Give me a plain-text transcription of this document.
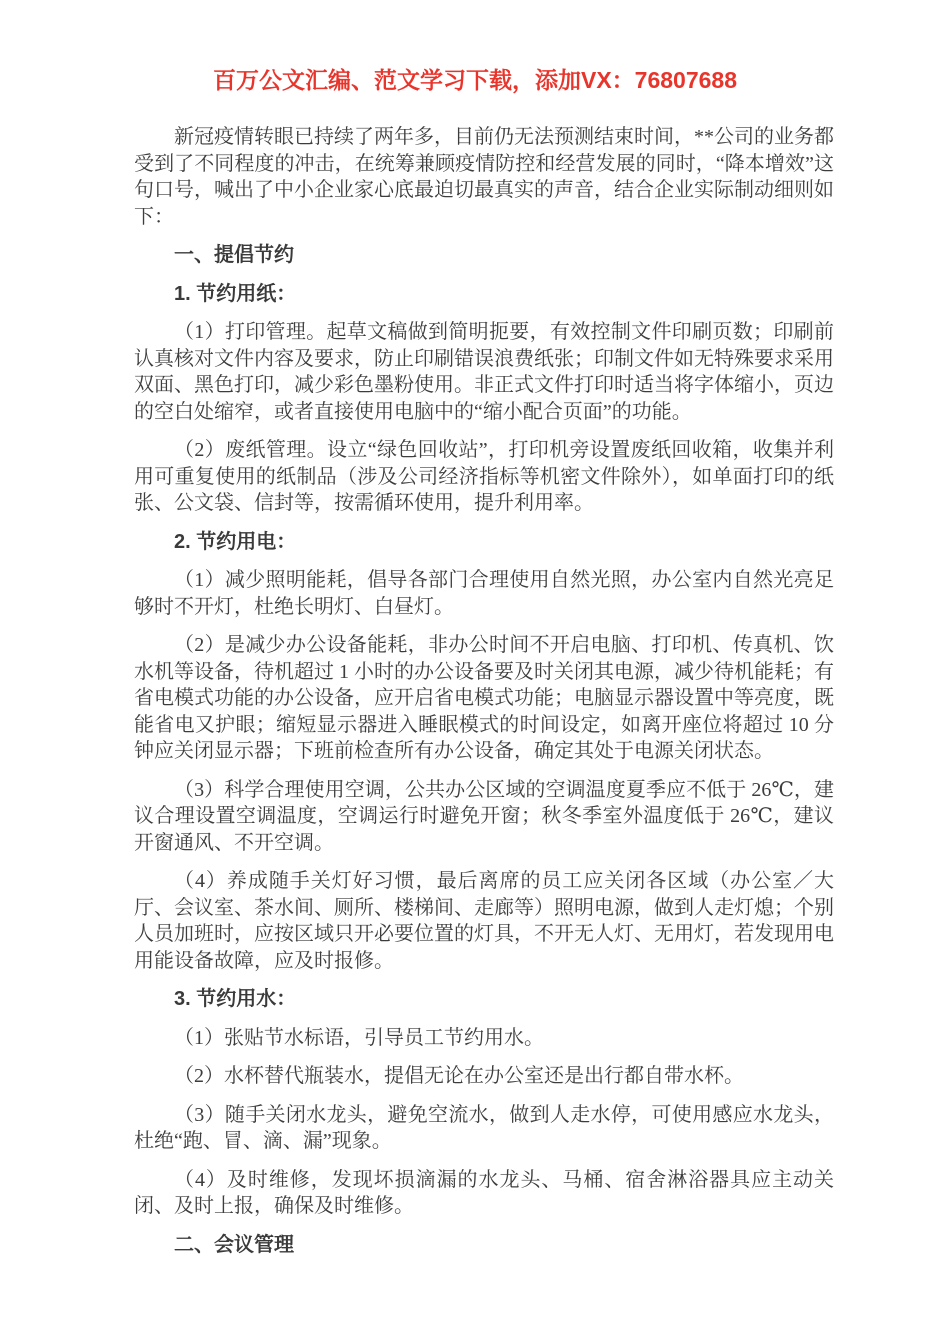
百万公文汇编、范文学习下载，添加VX：76807688

新冠疫情转眼已持续了两年多，目前仍无法预测结束时间，**公司的业务都受到了不同程度的冲击，在统筹兼顾疫情防控和经营发展的同时，“降本增效”这句口号，喊出了中小企业家心底最迫切最真实的声音，结合企业实际制动细则如下：

一、提倡节约
1. 节约用纸：

（1）打印管理。起草文稿做到简明扼要，有效控制文件印刷页数；印刷前认真核对文件内容及要求，防止印刷错误浪费纸张；印制文件如无特殊要求采用双面、黑色打印，减少彩色墨粉使用。非正式文件打印时适当将字体缩小，页边的空白处缩窄，或者直接使用电脑中的“缩小配合页面”的功能。

（2）废纸管理。设立“绿色回收站”，打印机旁设置废纸回收箱，收集并利用可重复使用的纸制品（涉及公司经济指标等机密文件除外），如单面打印的纸张、公文袋、信封等，按需循环使用，提升利用率。

2. 节约用电：

（1）减少照明能耗，倡导各部门合理使用自然光照，办公室内自然光亮足够时不开灯，杜绝长明灯、白昼灯。

（2）是减少办公设备能耗，非办公时间不开启电脑、打印机、传真机、饮水机等设备，待机超过 1 小时的办公设备要及时关闭其电源，减少待机能耗；有省电模式功能的办公设备，应开启省电模式功能；电脑显示器设置中等亮度，既能省电又护眼；缩短显示器进入睡眠模式的时间设定，如离开座位将超过 10 分钟应关闭显示器；下班前检查所有办公设备，确定其处于电源关闭状态。

（3）科学合理使用空调，公共办公区域的空调温度夏季应不低于 26℃，建议合理设置空调温度，空调运行时避免开窗；秋冬季室外温度低于 26℃，建议开窗通风、不开空调。

（4）养成随手关灯好习惯，最后离席的员工应关闭各区域（办公室／大厅、会议室、茶水间、厕所、楼梯间、走廊等）照明电源，做到人走灯熄；个别人员加班时，应按区域只开必要位置的灯具，不开无人灯、无用灯，若发现用电用能设备故障，应及时报修。

3. 节约用水：

（1）张贴节水标语，引导员工节约用水。

（2）水杯替代瓶装水，提倡无论在办公室还是出行都自带水杯。

（3）随手关闭水龙头，避免空流水，做到人走水停，可使用感应水龙头，杜绝“跑、冒、滴、漏”现象。

（4）及时维修，发现坏损滴漏的水龙头、马桶、宿舍淋浴器具应主动关闭、及时上报，确保及时维修。

二、会议管理
